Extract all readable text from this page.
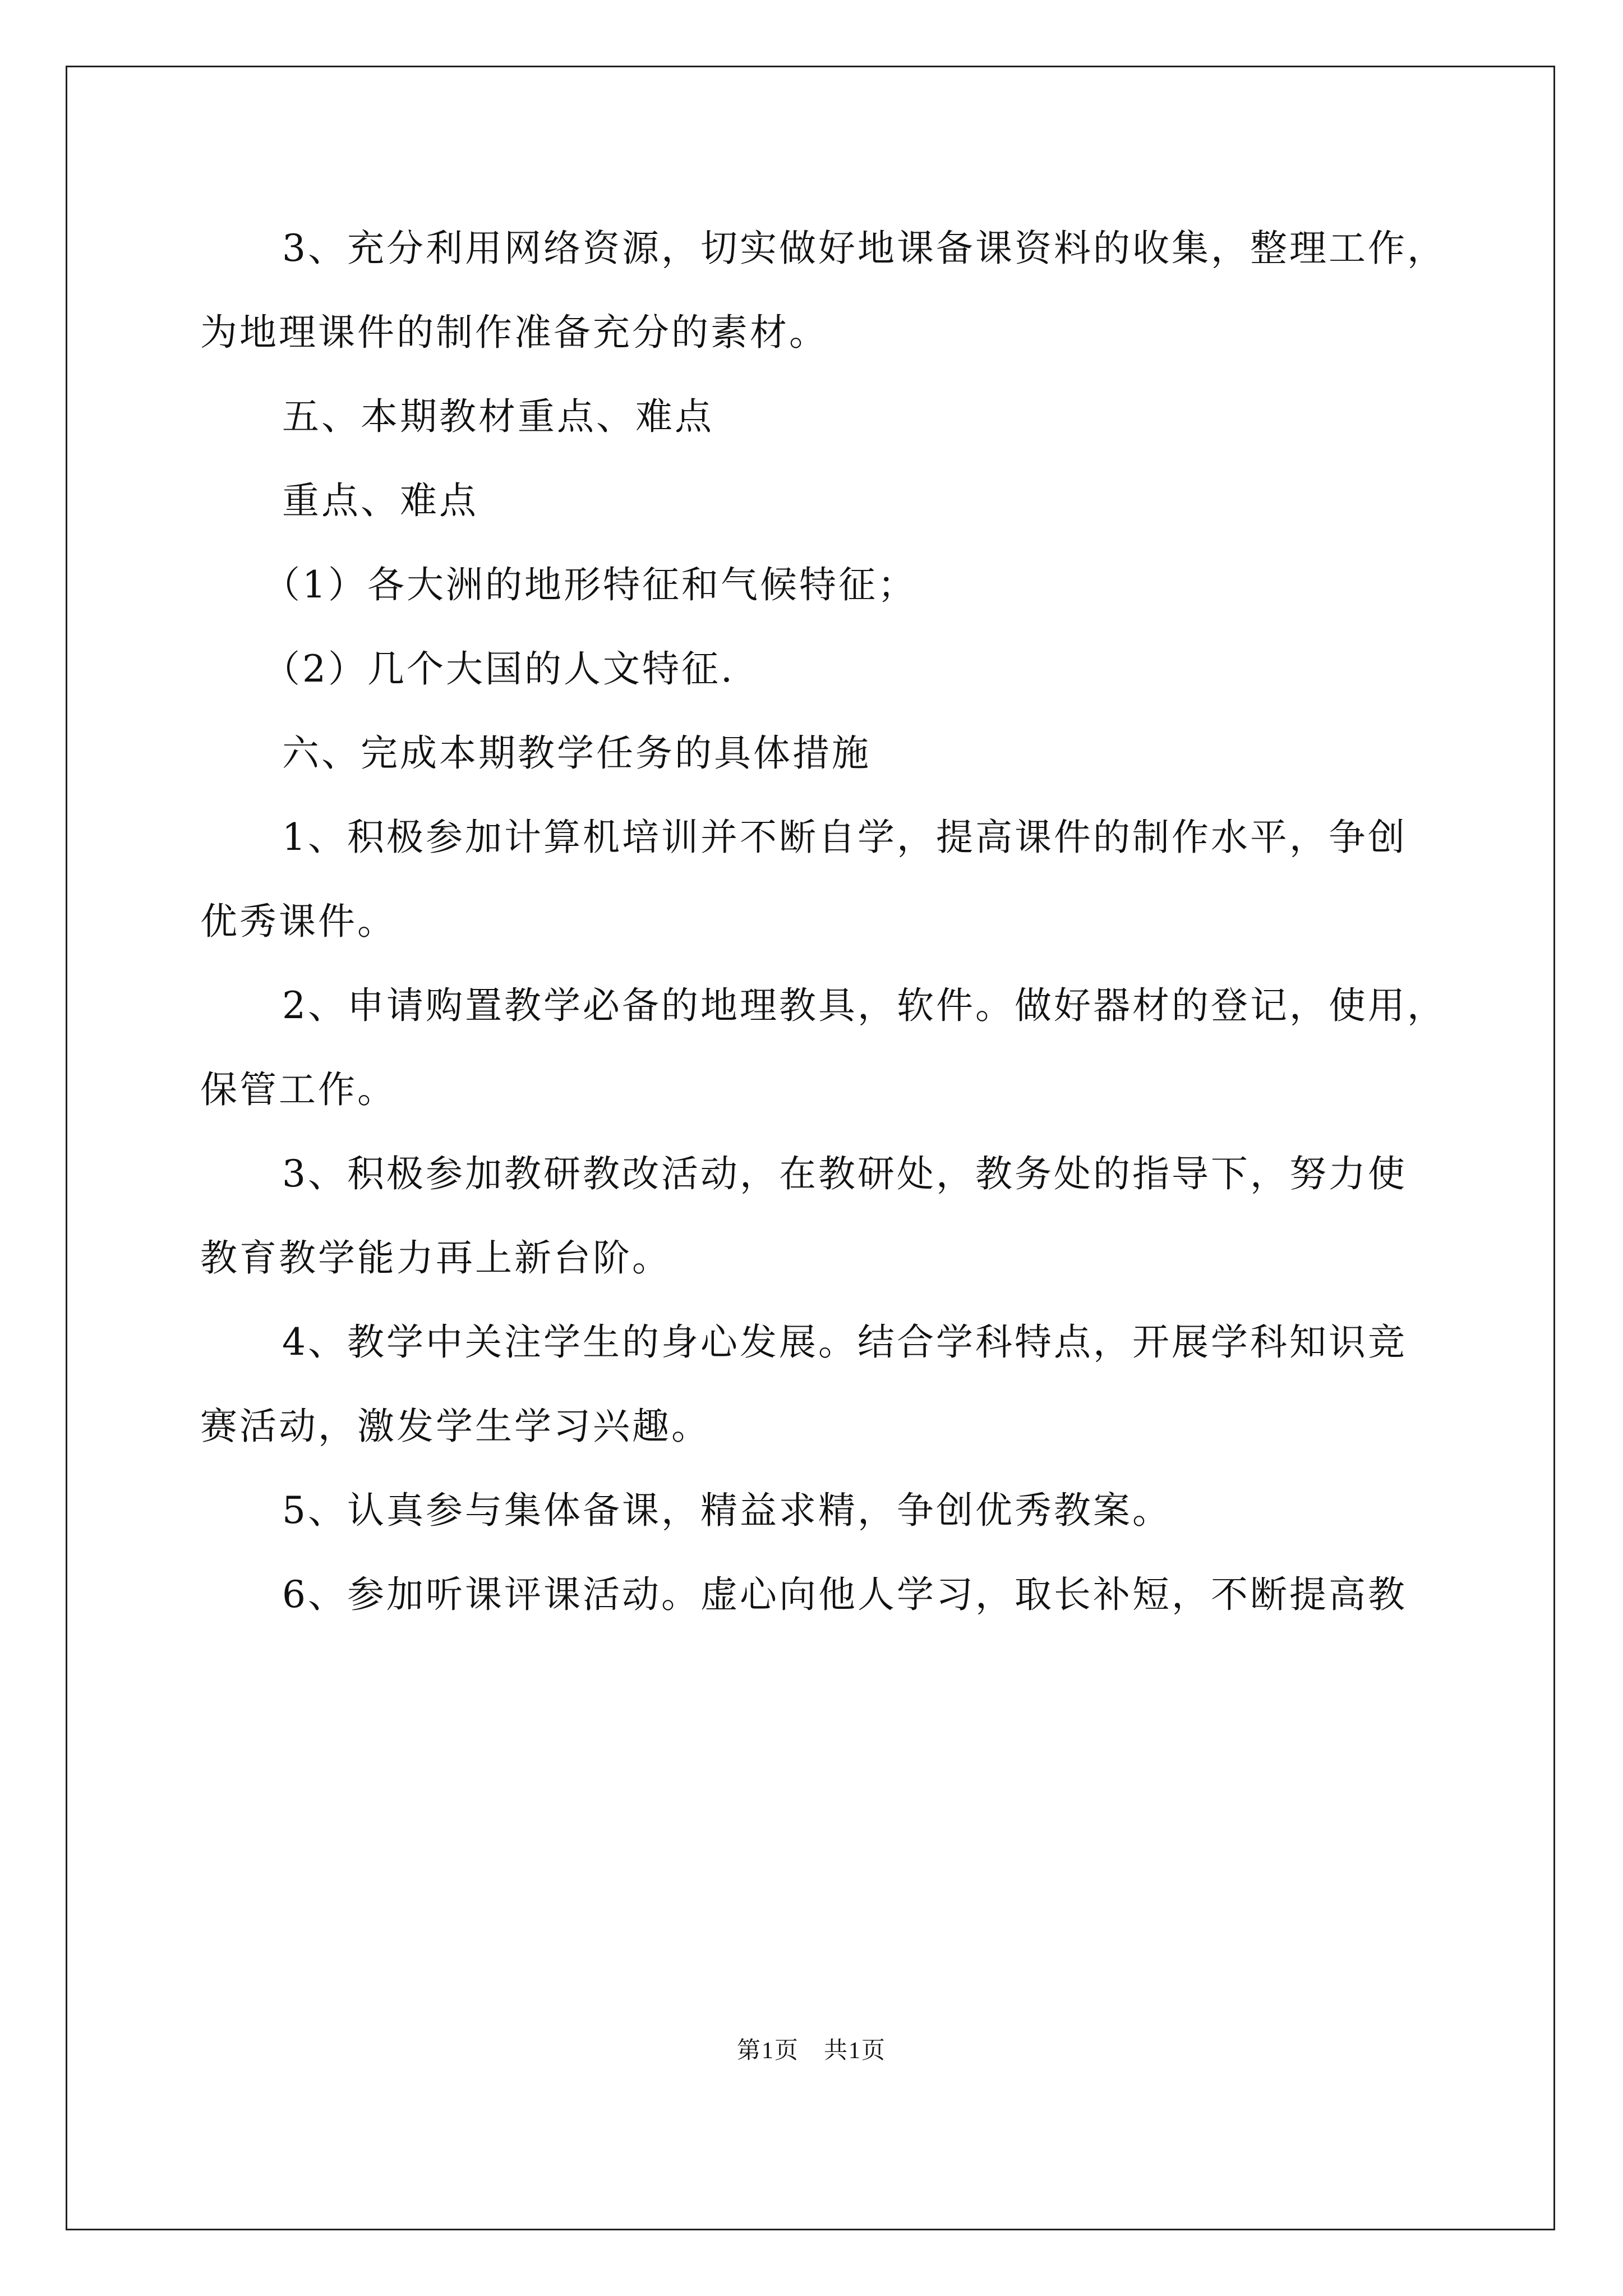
3、充分利用网络资源，切实做好地课备课资料的收集，整理工作，

为地理课件的制作准备充分的素材。

五、本期教材重点、难点

重点、难点

（1）各大洲的地形特征和气候特征；

（2）几个大国的人文特征.

六、完成本期教学任务的具体措施

1、积极参加计算机培训并不断自学，提高课件的制作水平，争创

优秀课件。

2、申请购置教学必备的地理教具，软件。做好器材的登记，使用，

保管工作。

3、积极参加教研教改活动，在教研处，教务处的指导下，努力使

教育教学能力再上新台阶。

4、教学中关注学生的身心发展。结合学科特点，开展学科知识竞

赛活动，激发学生学习兴趣。

5、认真参与集体备课，精益求精，争创优秀教案。

6、参加听课评课活动。虚心向他人学习，取长补短，不断提高教

第1页　共1页
